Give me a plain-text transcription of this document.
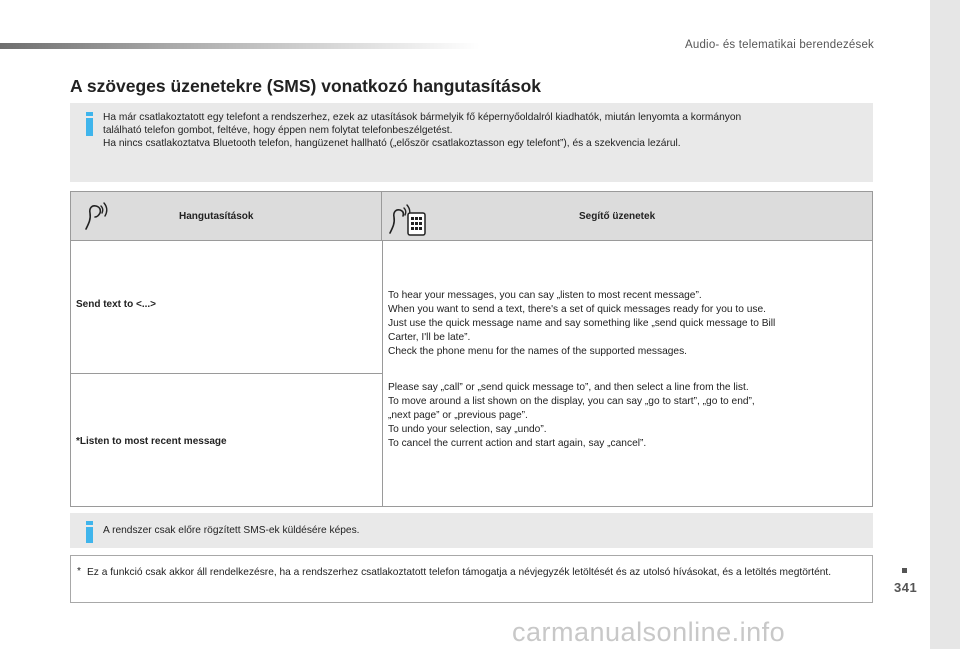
Audio- és telematikai berendezések
341
A szöveges üzenetekre (SMS) vonatkozó hangutasítások
Ha már csatlakoztatott egy telefont a rendszerhez, ezek az utasítások bármelyik fő képernyőoldalról kiadhatók, miután lenyomta a kormányon
található telefon gombot, feltéve, hogy éppen nem folytat telefonbeszélgetést.
Ha nincs csatlakoztatva Bluetooth telefon, hangüzenet hallható („először csatlakoztasson egy telefont”), és a szekvencia lezárul.
Hangutasítások	Segítő üzenetek
Send text to <...>
*Listen to most recent message
To hear your messages, you can say „listen to most recent message”.
When you want to send a text, there's a set of quick messages ready for you to use.
Just use the quick message name and say something like „send quick message to Bill
Carter, I'll be late”.
Check the phone menu for the names of the supported messages.
Please say „call” or „send quick message to”, and then select a line from the list.
To move around a list shown on the display, you can say „go to start”, „go to end”,
„next page” or „previous page”.
To undo your selection, say „undo”.
To cancel the current action and start again, say „cancel”.
A rendszer csak előre rögzített SMS-ek küldésére képes.
* Ez a funkció csak akkor áll rendelkezésre, ha a rendszerhez csatlakoztatott telefon támogatja a névjegyzék letöltését és az utolsó hívásokat, és a letöltés megtörtént.
carmanualsonline.info
